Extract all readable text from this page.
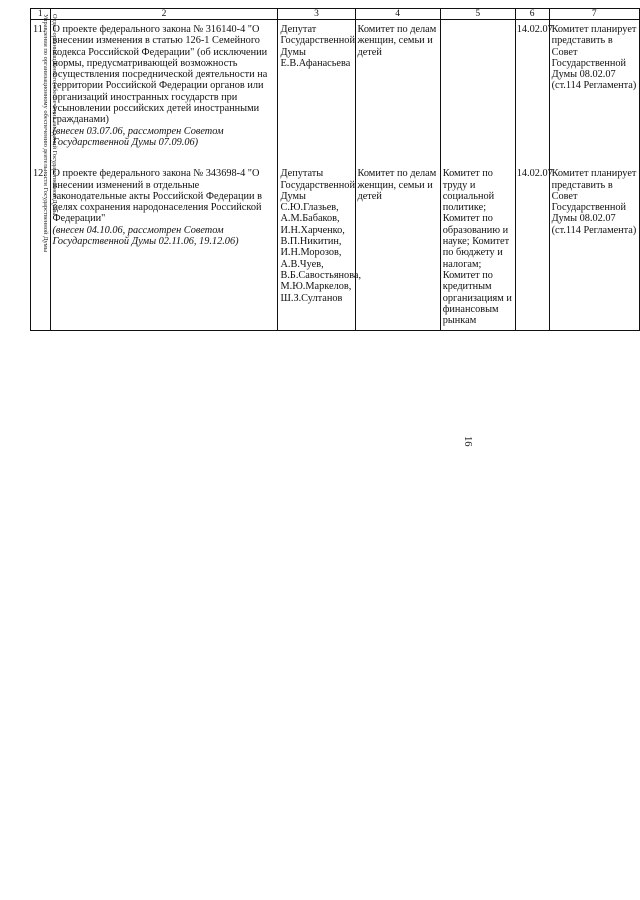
16
1	2	3	4	5	6	7
11.	О проекте федерального закона № 316140-4 "О внесении изменения в статью 126-1 Семейного кодекса Российской Федерации" (об исключении нормы, предусматривающей возможность осуществления посреднической деятельности на территории Российской Федерации органов или организаций иностранных государств при усыновлении российских детей иностранными гражданами)
(внесен 03.07.06, рассмотрен Советом Государственной Думы 07.09.06)	Депутат Государственной Думы Е.В.Афанасьева	Комитет по делам женщин, семьи и детей		14.02.07	Комитет планирует представить в Совет Государственной Думы 08.02.07 (ст.114 Регламента)
12.	О проекте федерального закона № 343698-4 "О внесении изменений в отдельные законодательные акты Российской Федерации в целях сохранения народонаселения Российской Федерации"
(внесен 04.10.06, рассмотрен Советом Государственной Думы 02.11.06, 19.12.06)	Депутаты Государственной Думы С.Ю.Глазьев, А.М.Бабаков, И.Н.Харченко, В.П.Никитин, И.Н.Морозов, А.В.Чуев, В.Б.Савостьянова, М.Ю.Маркелов, Ш.З.Султанов	Комитет по делам женщин, семьи и детей	Комитет по труду и социальной политике; Комитет по образованию и науке; Комитет по бюджету и налогам; Комитет по кредитным организациям и финансовым рынкам	14.02.07	Комитет планирует представить в Совет Государственной Думы 08.02.07 (ст.114 Регламента)
Отдел организационного обеспечения заседаний Государственной Думы
Управления по организационному обеспечению деятельности Государственной Думы
